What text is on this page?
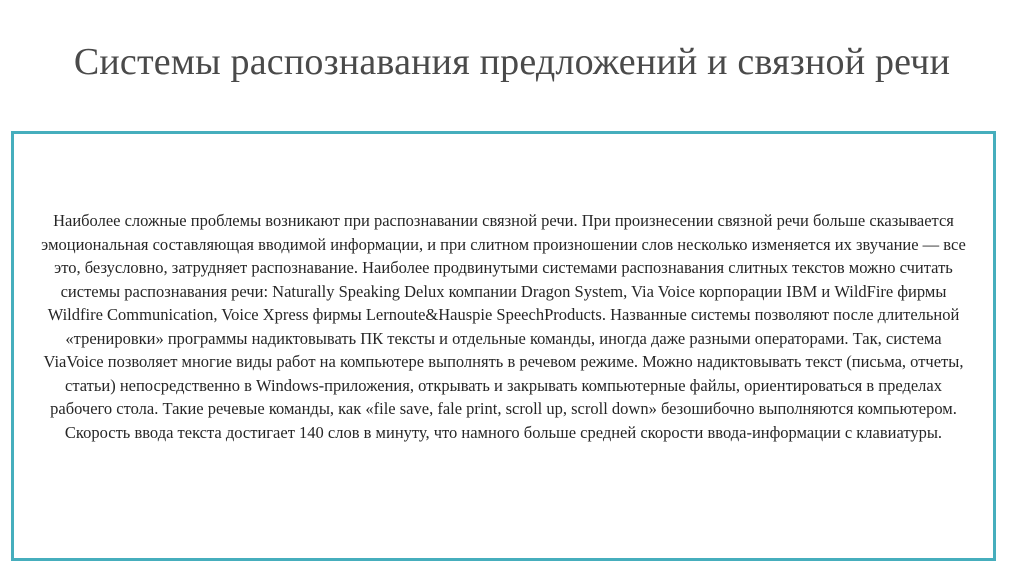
Системы распознавания предложений и связной речи
Наиболее сложные проблемы возникают при распознавании связной речи. При произнесении связной речи больше сказывается эмоциональная составляющая вводимой информации, и при слитном произношении слов несколько изменяется их звучание — все это, безусловно, затрудняет распознавание. Наиболее продвинутыми системами распознавания слитных текстов можно считать системы распознавания речи: Naturally Speaking Delux компании Dragon System, Via Voice корпорации IBM и WildFire фирмы Wildfire Communication, Voice Xpress фирмы Lernoute&Hauspie SpeechProducts. Названные системы позволяют после длительной «тренировки» программы надиктовывать ПК тексты и отдельные команды, иногда даже разными операторами. Так, система ViaVoice позволяет многие виды работ на компьютере выполнять в речевом режиме. Можно надиктовывать текст (письма, отчеты, статьи) непосредственно в Windows-приложения, открывать и закрывать компьютерные файлы, ориентироваться в пределах рабочего стола. Такие речевые команды, как «file save, fale print, scroll up, scroll down» безошибочно выполняются компьютером. Скорость ввода текста достигает 140 слов в минуту, что намного больше средней скорости ввода-информации с клавиатуры.
